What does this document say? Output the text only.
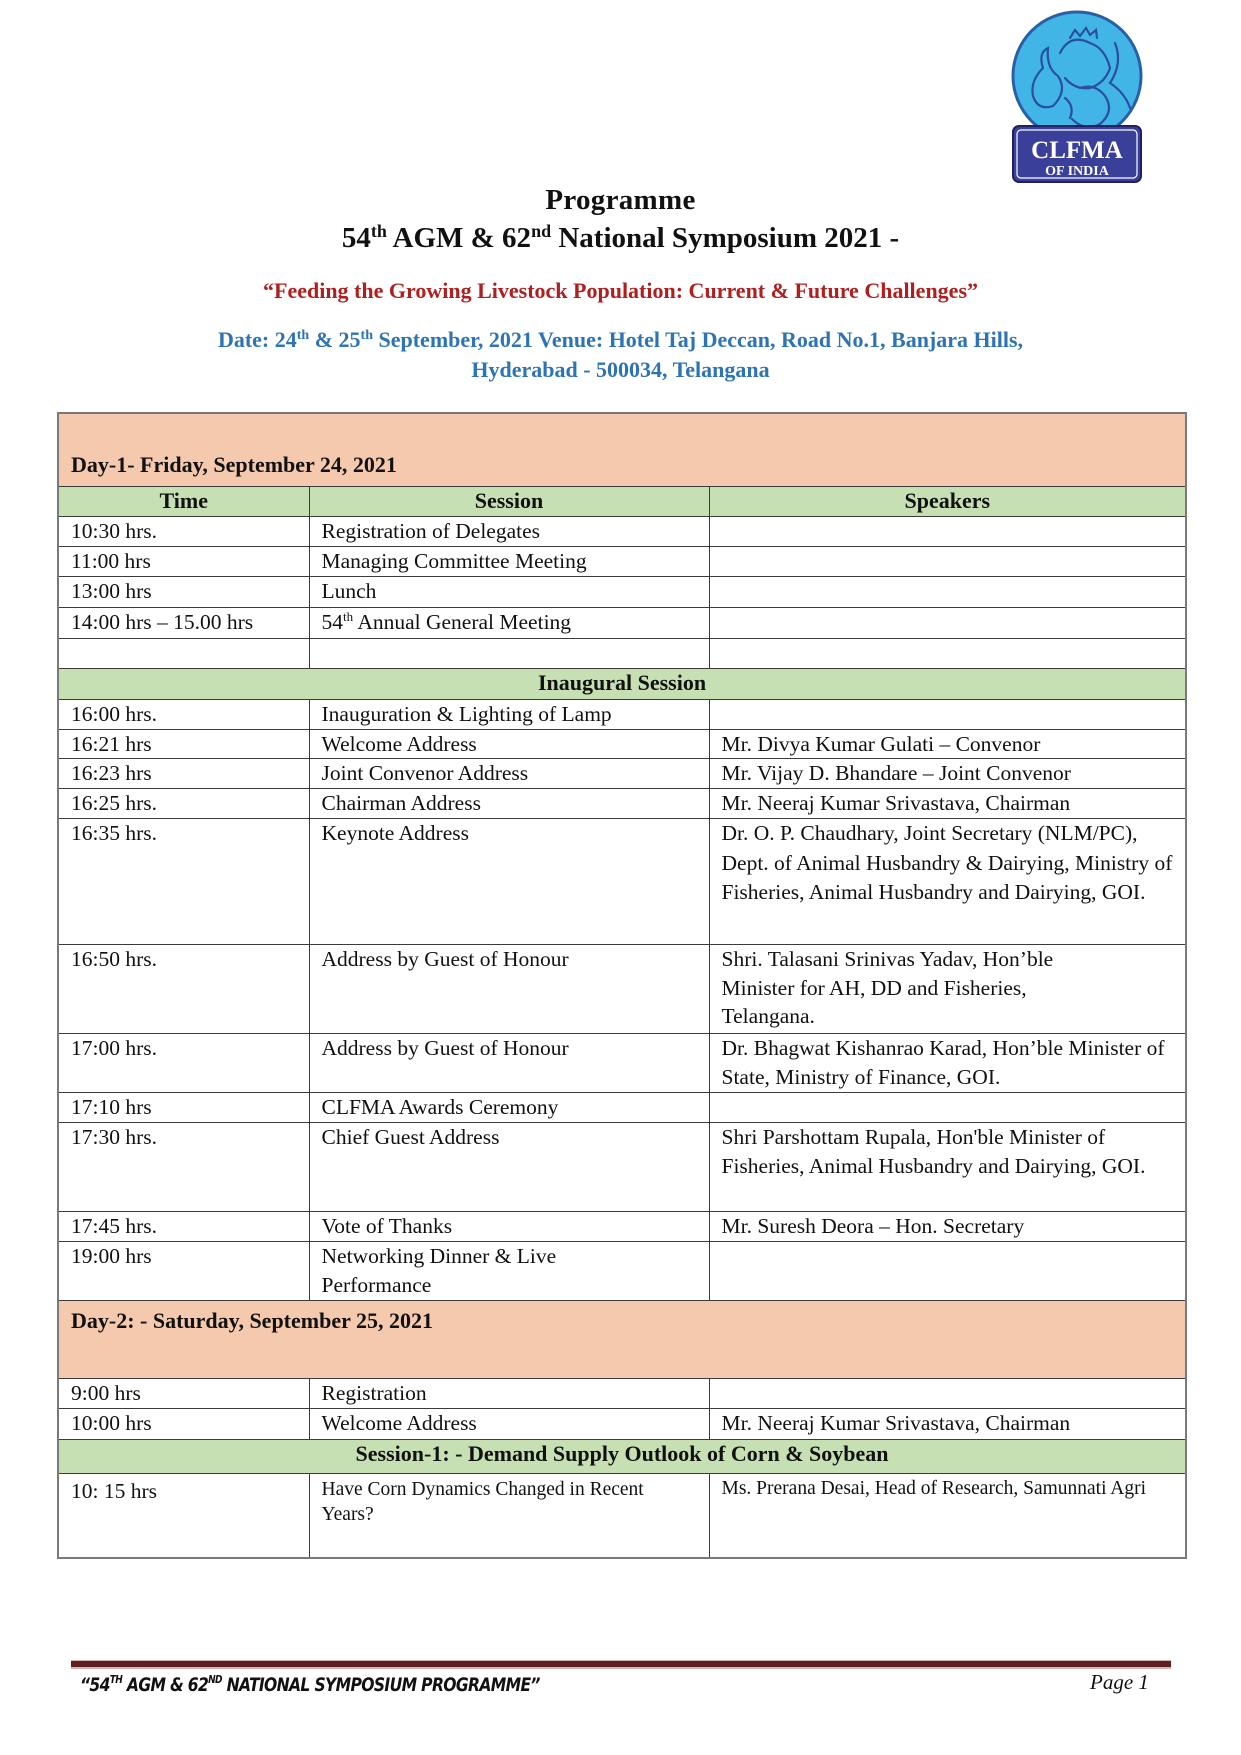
CLFMA
OF INDIA
Programme
54th AGM & 62nd National Symposium 2021 -
“Feeding the Growing Livestock Population: Current & Future Challenges”
Date: 24th & 25th September, 2021 Venue: Hotel Taj Deccan, Road No.1, Banjara Hills,
Hyderabad - 500034, Telangana
Day-1- Friday, September 24, 2021		
Time	Session	Speakers
10:30 hrs.	Registration of Delegates	
11:00 hrs	Managing Committee Meeting	
13:00 hrs	Lunch	
14:00 hrs – 15.00 hrs	54th Annual General Meeting	

Inaugural Session		
16:00 hrs.	Inauguration & Lighting of Lamp	
16:21 hrs	Welcome Address	Mr. Divya Kumar Gulati – Convenor
16:23 hrs	Joint Convenor Address	Mr. Vijay D. Bhandare – Joint Convenor
16:25 hrs.	Chairman Address	Mr. Neeraj Kumar Srivastava, Chairman
16:35 hrs.	Keynote Address	Dr. O. P. Chaudhary, Joint Secretary (NLM/PC), Dept. of Animal Husbandry & Dairying, Ministry of Fisheries, Animal Husbandry and Dairying, GOI.
16:50 hrs.	Address by Guest of Honour	Shri. Talasani Srinivas Yadav, Hon’ble Minister for AH, DD and Fisheries, Telangana.
17:00 hrs.	Address by Guest of Honour	Dr. Bhagwat Kishanrao Karad, Hon’ble Minister of State, Ministry of Finance, GOI.
17:10 hrs	CLFMA Awards Ceremony	
17:30 hrs.	Chief Guest Address	Shri Parshottam Rupala, Hon'ble Minister of Fisheries, Animal Husbandry and Dairying, GOI.
17:45 hrs.	Vote of Thanks	Mr. Suresh Deora – Hon. Secretary
19:00 hrs	Networking Dinner & Live Performance	
Day-2: - Saturday, September 25, 2021		
9:00 hrs	Registration	
10:00 hrs	Welcome Address	Mr. Neeraj Kumar Srivastava, Chairman
Session-1: - Demand Supply Outlook of Corn & Soybean		
10: 15 hrs	Have Corn Dynamics Changed in Recent Years?	Ms. Prerana Desai, Head of Research, Samunnati Agri
“54TH AGM & 62ND NATIONAL SYMPOSIUM PROGRAMME”	Page 1
